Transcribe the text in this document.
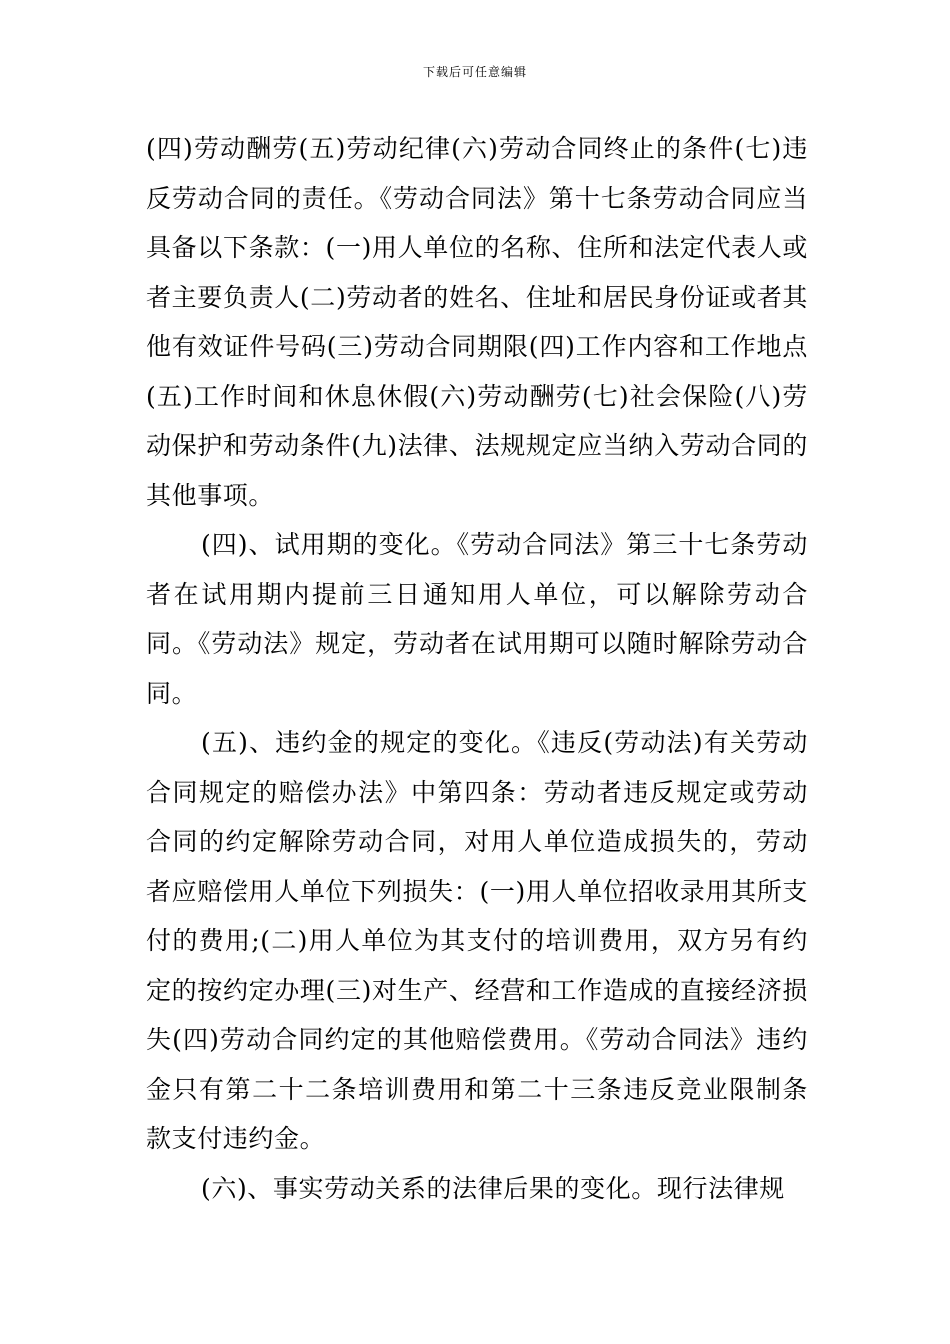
下载后可任意编辑

(四)劳动酬劳(五)劳动纪律(六)劳动合同终止的条件(七)违反劳动合同的责任。《劳动合同法》第十七条劳动合同应当具备以下条款：(一)用人单位的名称、住所和法定代表人或者主要负责人(二)劳动者的姓名、住址和居民身份证或者其他有效证件号码(三)劳动合同期限(四)工作内容和工作地点(五)工作时间和休息休假(六)劳动酬劳(七)社会保险(八)劳动保护和劳动条件(九)法律、法规规定应当纳入劳动合同的其他事项。

(四)、试用期的变化。《劳动合同法》第三十七条劳动者在试用期内提前三日通知用人单位，可以解除劳动合同。《劳动法》规定，劳动者在试用期可以随时解除劳动合同。

(五)、违约金的规定的变化。《违反(劳动法)有关劳动合同规定的赔偿办法》中第四条：劳动者违反规定或劳动合同的约定解除劳动合同，对用人单位造成损失的，劳动者应赔偿用人单位下列损失：(一)用人单位招收录用其所支付的费用;(二)用人单位为其支付的培训费用，双方另有约定的按约定办理(三)对生产、经营和工作造成的直接经济损失(四)劳动合同约定的其他赔偿费用。《劳动合同法》违约金只有第二十二条培训费用和第二十三条违反竞业限制条款支付违约金。

(六)、事实劳动关系的法律后果的变化。现行法律规
